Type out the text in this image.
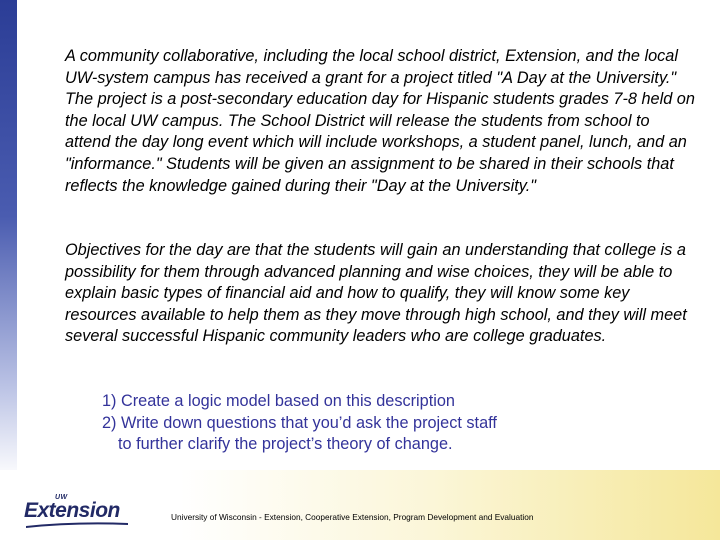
A community collaborative, including the local school district, Extension, and the local UW-system campus has received a grant for a project titled "A Day at the University." The project is a post-secondary education day for Hispanic students grades 7-8 held on the local UW campus. The School District will release the students from school to attend the day long event which will include workshops, a student panel, lunch, and an "informance." Students will be given an assignment to be shared in their schools that reflects the knowledge gained during their "Day at the University."

Objectives for the day are that the students will gain an understanding that college is a possibility for them through advanced planning and wise choices, they will be able to explain basic types of financial aid and how to qualify, they will know some key resources available to help them as they move through high school, and they will meet several successful Hispanic community leaders who are college graduates.

1) Create a logic model based on this description
2) Write down questions that you’d ask the project staff
to further clarify the project’s theory of change.
UW
Extension	University of Wisconsin - Extension, Cooperative Extension, Program Development and Evaluation
